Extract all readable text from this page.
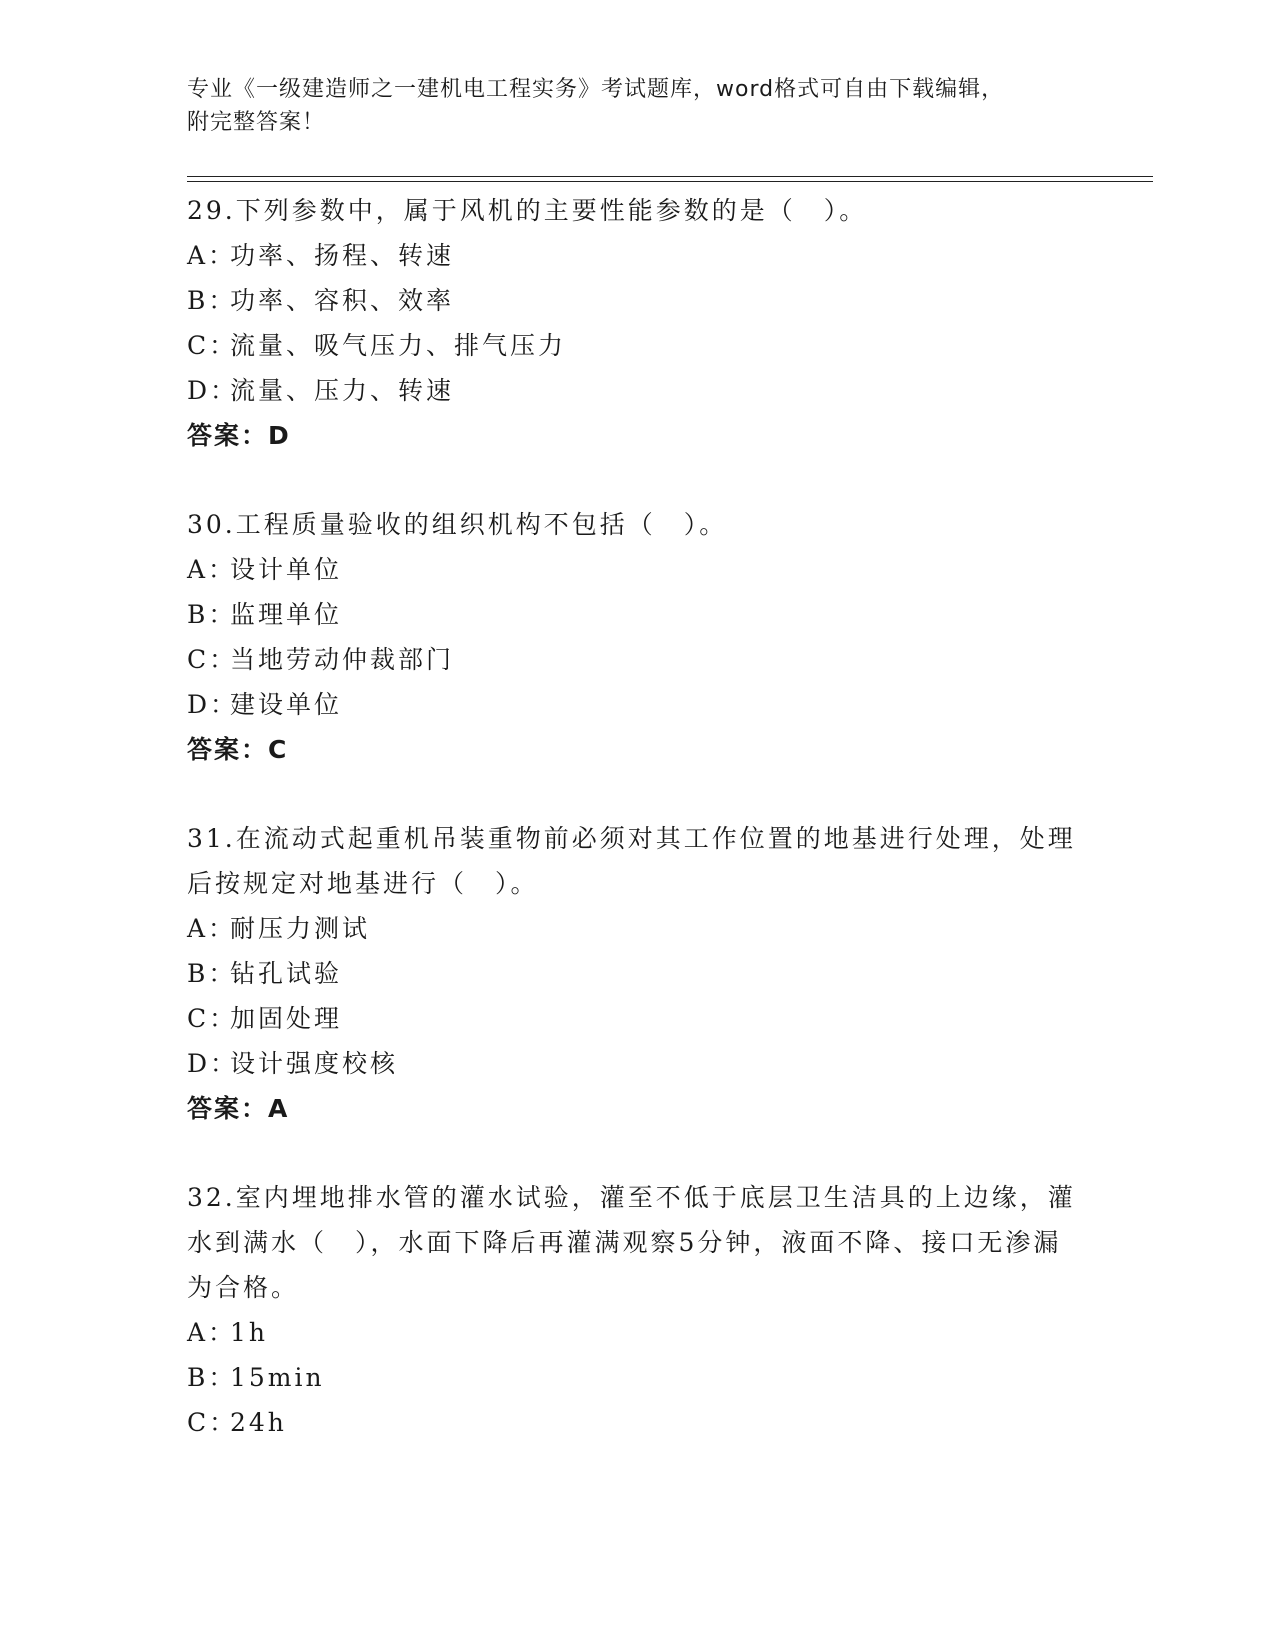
专业《一级建造师之一建机电工程实务》考试题库，word格式可自由下载编辑，
附完整答案！

29.下列参数中，属于风机的主要性能参数的是（　）。

A：功率、扬程、转速

B：功率、容积、效率

C：流量、吸气压力、排气压力

D：流量、压力、转速

答案：D

30.工程质量验收的组织机构不包括（　）。

A：设计单位

B：监理单位

C：当地劳动仲裁部门

D：建设单位

答案：C

31.在流动式起重机吊装重物前必须对其工作位置的地基进行处理，处理后按规定对地基进行（　）。

A：耐压力测试

B：钻孔试验

C：加固处理

D：设计强度校核

答案：A

32.室内埋地排水管的灌水试验，灌至不低于底层卫生洁具的上边缘，灌水到满水（　），水面下降后再灌满观察5分钟，液面不降、接口无渗漏为合格。

A：1h

B：15min

C：24h
